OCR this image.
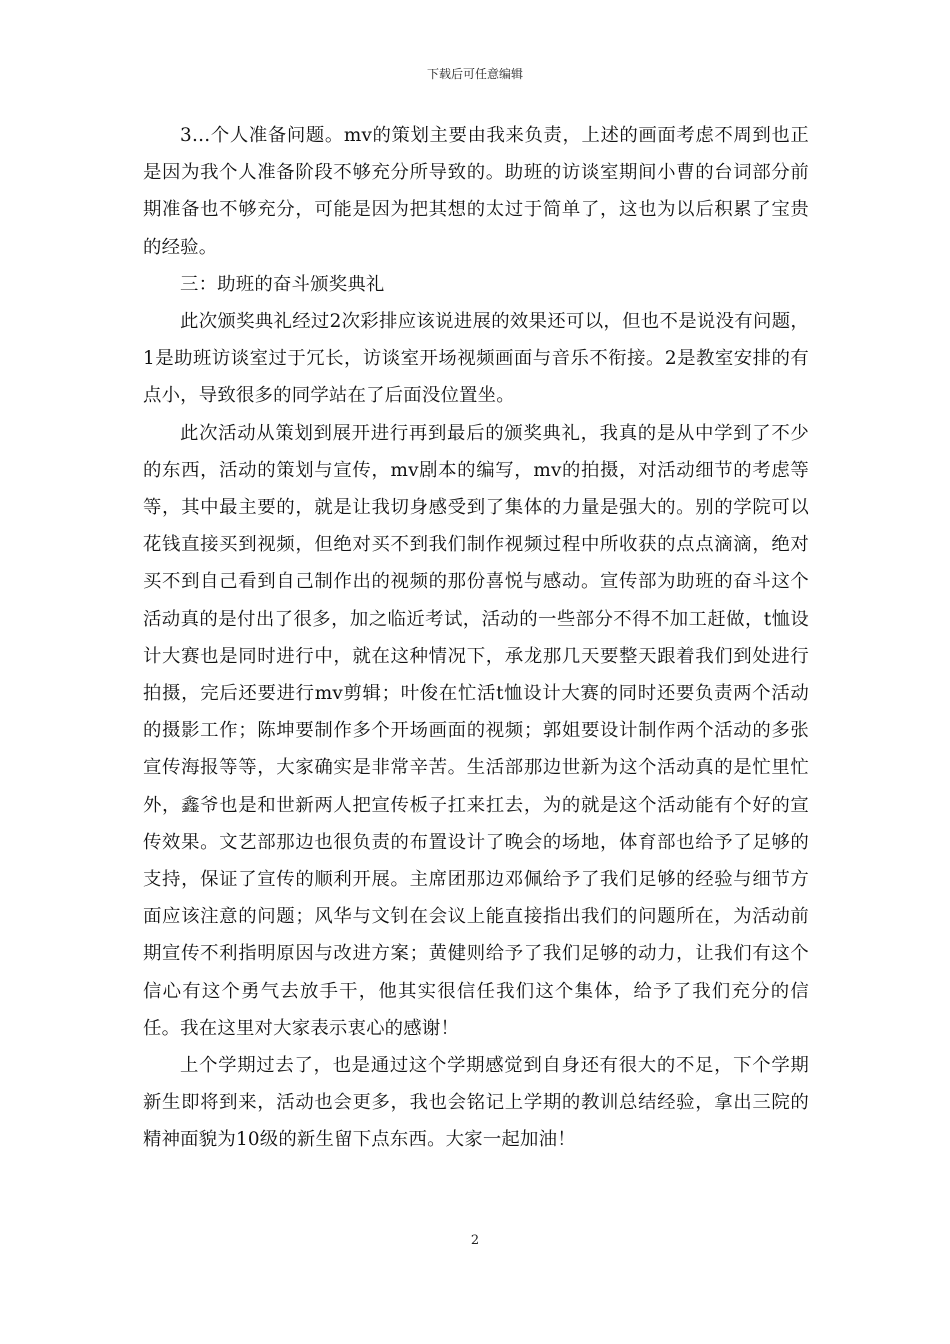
下载后可任意编辑

3…个人准备问题。mv的策划主要由我来负责，上述的画面考虑不周到也正是因为我个人准备阶段不够充分所导致的。助班的访谈室期间小曹的台词部分前期准备也不够充分，可能是因为把其想的太过于简单了，这也为以后积累了宝贵的经验。

三：助班的奋斗颁奖典礼

此次颁奖典礼经过2次彩排应该说进展的效果还可以，但也不是说没有问题，1是助班访谈室过于冗长，访谈室开场视频画面与音乐不衔接。2是教室安排的有点小，导致很多的同学站在了后面没位置坐。

此次活动从策划到展开进行再到最后的颁奖典礼，我真的是从中学到了不少的东西，活动的策划与宣传，mv剧本的编写，mv的拍摄，对活动细节的考虑等等，其中最主要的，就是让我切身感受到了集体的力量是强大的。别的学院可以花钱直接买到视频，但绝对买不到我们制作视频过程中所收获的点点滴滴，绝对买不到自己看到自己制作出的视频的那份喜悦与感动。宣传部为助班的奋斗这个活动真的是付出了很多，加之临近考试，活动的一些部分不得不加工赶做，t恤设计大赛也是同时进行中，就在这种情况下，承龙那几天要整天跟着我们到处进行拍摄，完后还要进行mv剪辑；叶俊在忙活t恤设计大赛的同时还要负责两个活动的摄影工作；陈坤要制作多个开场画面的视频；郭姐要设计制作两个活动的多张宣传海报等等，大家确实是非常辛苦。生活部那边世新为这个活动真的是忙里忙外，鑫爷也是和世新两人把宣传板子扛来扛去，为的就是这个活动能有个好的宣传效果。文艺部那边也很负责的布置设计了晚会的场地，体育部也给予了足够的支持，保证了宣传的顺利开展。主席团那边邓佩给予了我们足够的经验与细节方面应该注意的问题；风华与文钊在会议上能直接指出我们的问题所在，为活动前期宣传不利指明原因与改进方案；黄健则给予了我们足够的动力，让我们有这个信心有这个勇气去放手干，他其实很信任我们这个集体，给予了我们充分的信任。我在这里对大家表示衷心的感谢！

上个学期过去了，也是通过这个学期感觉到自身还有很大的不足，下个学期新生即将到来，活动也会更多，我也会铭记上学期的教训总结经验，拿出三院的精神面貌为10级的新生留下点东西。大家一起加油！

2
